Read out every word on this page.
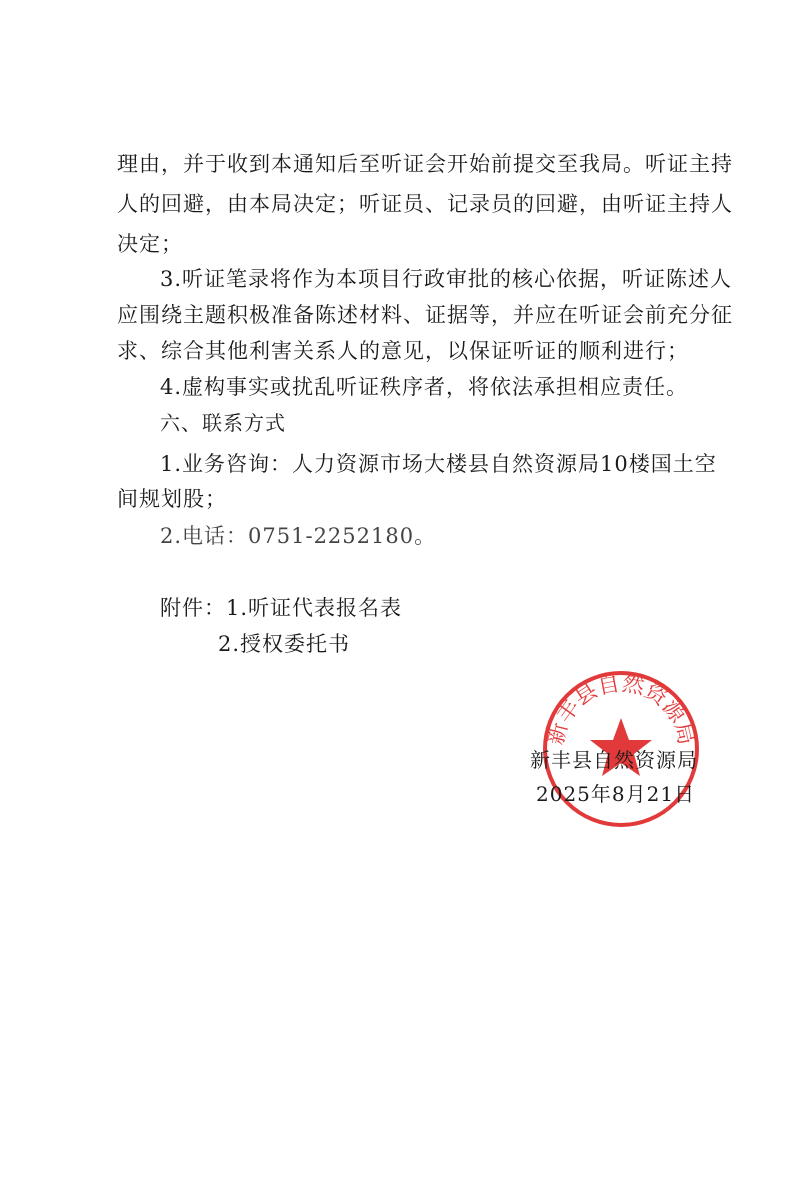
理由，并于收到本通知后至听证会开始前提交至我局。听证主持
人的回避，由本局决定；听证员、记录员的回避，由听证主持人
决定；
3.听证笔录将作为本项目行政审批的核心依据，听证陈述人
应围绕主题积极准备陈述材料、证据等，并应在听证会前充分征
求、综合其他利害关系人的意见，以保证听证的顺利进行；
4.虚构事实或扰乱听证秩序者，将依法承担相应责任。
六、联系方式
1.业务咨询：人力资源市场大楼县自然资源局10楼国土空
间规划股；
2.电话：0751-2252180。
附件：1.听证代表报名表
2.授权委托书
新丰县自然资源局
新丰县自然资源局
2025年8月21日
